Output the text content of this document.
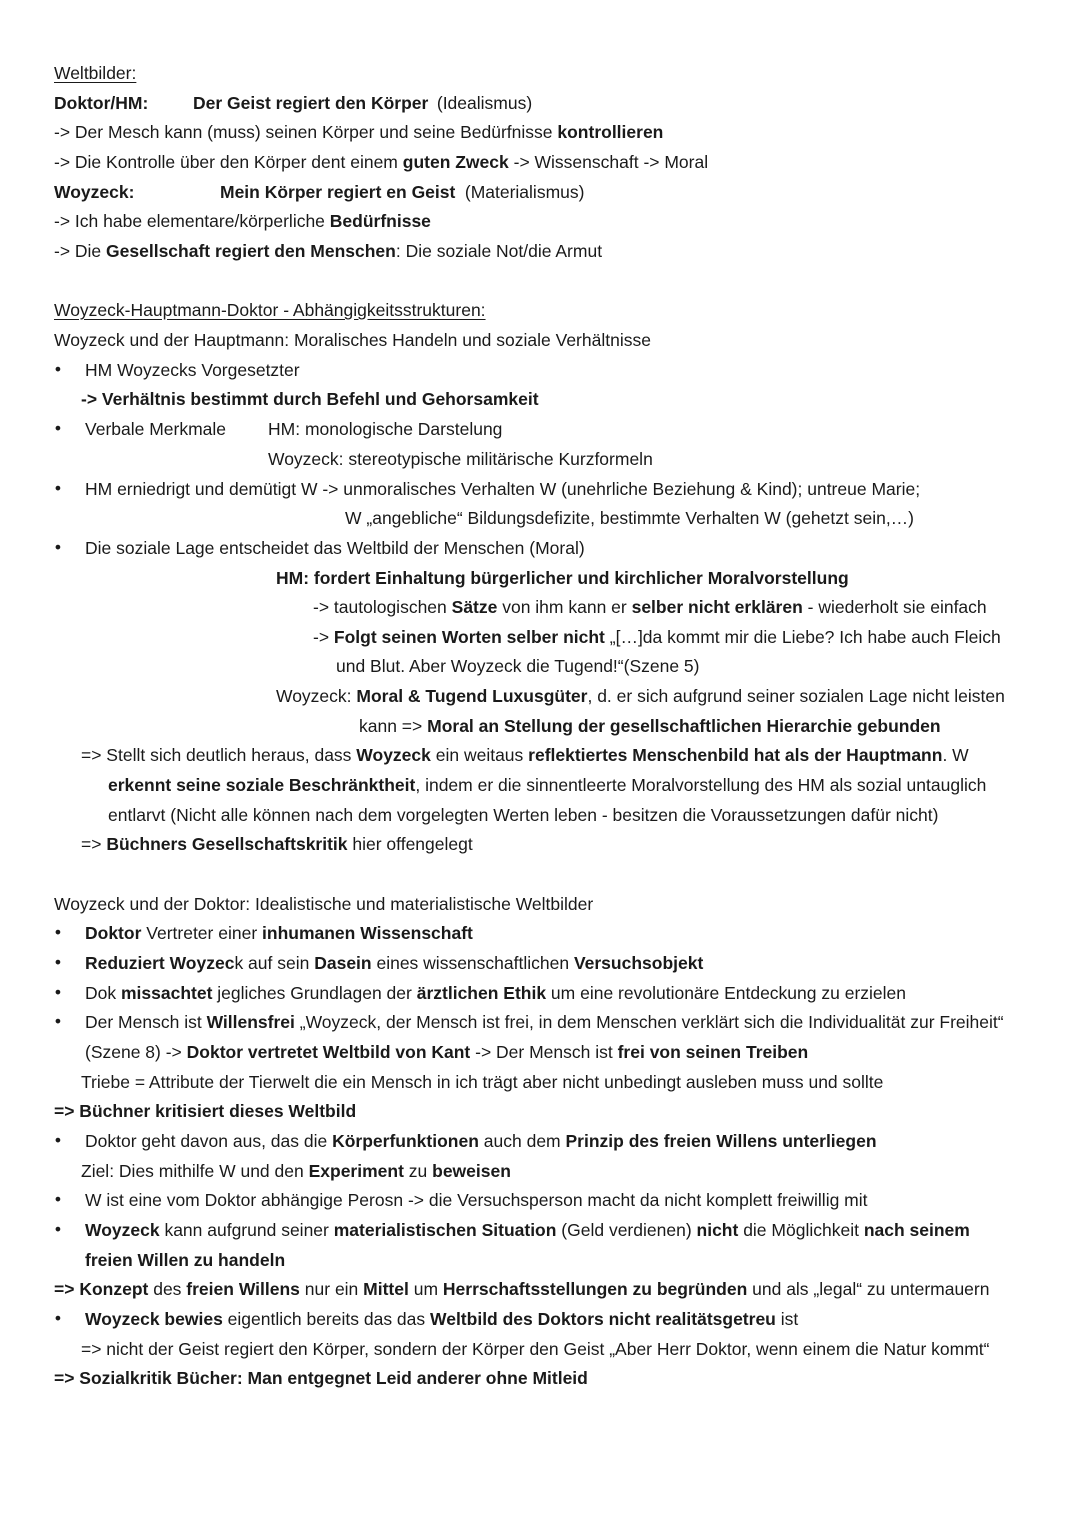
Weltbilder:
Doktor/HM:	Der Geist regiert den Körper (Idealismus)
-> Der Mesch kann (muss) seinen Körper und seine Bedürfnisse kontrollieren
-> Die Kontrolle über den Körper dent einem guten Zweck -> Wissenschaft -> Moral
Woyzeck:	Mein Körper regiert en Geist (Materialismus)
-> Ich habe elementare/körperliche Bedürfnisse
-> Die Gesellschaft regiert den Menschen: Die soziale Not/die Armut
Woyzeck-Hauptmann-Doktor - Abhängigkeitsstrukturen:
Woyzeck und der Hauptmann: Moralisches Handeln und soziale Verhältnisse
• HM Woyzecks Vorgesetzter
-> Verhältnis bestimmt durch Befehl und Gehorsamkeit
• Verbale Merkmale HM: monologische Darstelung
Woyzeck: stereotypische militärische Kurzformeln
• HM erniedrigt und demütigt W -> unmoralisches Verhalten W (unehrliche Beziehung & Kind); untreue Marie;
W „angebliche“ Bildungsdefizite, bestimmte Verhalten W (gehetzt sein,…)
• Die soziale Lage entscheidet das Weltbild der Menschen (Moral)
HM: fordert Einhaltung bürgerlicher und kirchlicher Moralvorstellung
-> tautologischen Sätze von ihm kann er selber nicht erklären - wiederholt sie einfach
-> Folgt seinen Worten selber nicht „[…]da kommt mir die Liebe? Ich habe auch Fleich
und Blut. Aber Woyzeck die Tugend!“(Szene 5)
Woyzeck: Moral & Tugend Luxusgüter, d. er sich aufgrund seiner sozialen Lage nicht leisten
kann => Moral an Stellung der gesellschaftlichen Hierarchie gebunden
=> Stellt sich deutlich heraus, dass Woyzeck ein weitaus reflektiertes Menschenbild hat als der Hauptmann. W
erkennt seine soziale Beschränktheit, indem er die sinnentleerte Moralvorstellung des HM als sozial untauglich
entlarvt (Nicht alle können nach dem vorgelegten Werten leben - besitzen die Voraussetzungen dafür nicht)
=> Büchners Gesellschaftskritik hier offengelegt
Woyzeck und der Doktor: Idealistische und materialistische Weltbilder
• Doktor Vertreter einer inhumanen Wissenschaft
• Reduziert Woyzeck auf sein Dasein eines wissenschaftlichen Versuchsobjekt
• Dok missachtet jegliches Grundlagen der ärztlichen Ethik um eine revolutionäre Entdeckung zu erzielen
• Der Mensch ist Willensfrei „Woyzeck, der Mensch ist frei, in dem Menschen verklärt sich die Individualität zur Freiheit“
(Szene 8) -> Doktor vertretet Weltbild von Kant -> Der Mensch ist frei von seinen Treiben
Triebe = Attribute der Tierwelt die ein Mensch in ich trägt aber nicht unbedingt ausleben muss und sollte
=> Büchner kritisiert dieses Weltbild
• Doktor geht davon aus, das die Körperfunktionen auch dem Prinzip des freien Willens unterliegen
Ziel: Dies mithilfe W und den Experiment zu beweisen
• W ist eine vom Doktor abhängige Perosn -> die Versuchsperson macht da nicht komplett freiwillig mit
• Woyzeck kann aufgrund seiner materialistischen Situation (Geld verdienen) nicht die Möglichkeit nach seinem
freien Willen zu handeln
=> Konzept des freien Willens nur ein Mittel um Herrschaftsstellungen zu begründen und als „legal“ zu untermauern
• Woyzeck bewies eigentlich bereits das das Weltbild des Doktors nicht realitätsgetreu ist
=> nicht der Geist regiert den Körper, sondern der Körper den Geist „Aber Herr Doktor, wenn einem die Natur kommt“
=> Sozialkritik Bücher: Man entgegnet Leid anderer ohne Mitleid
